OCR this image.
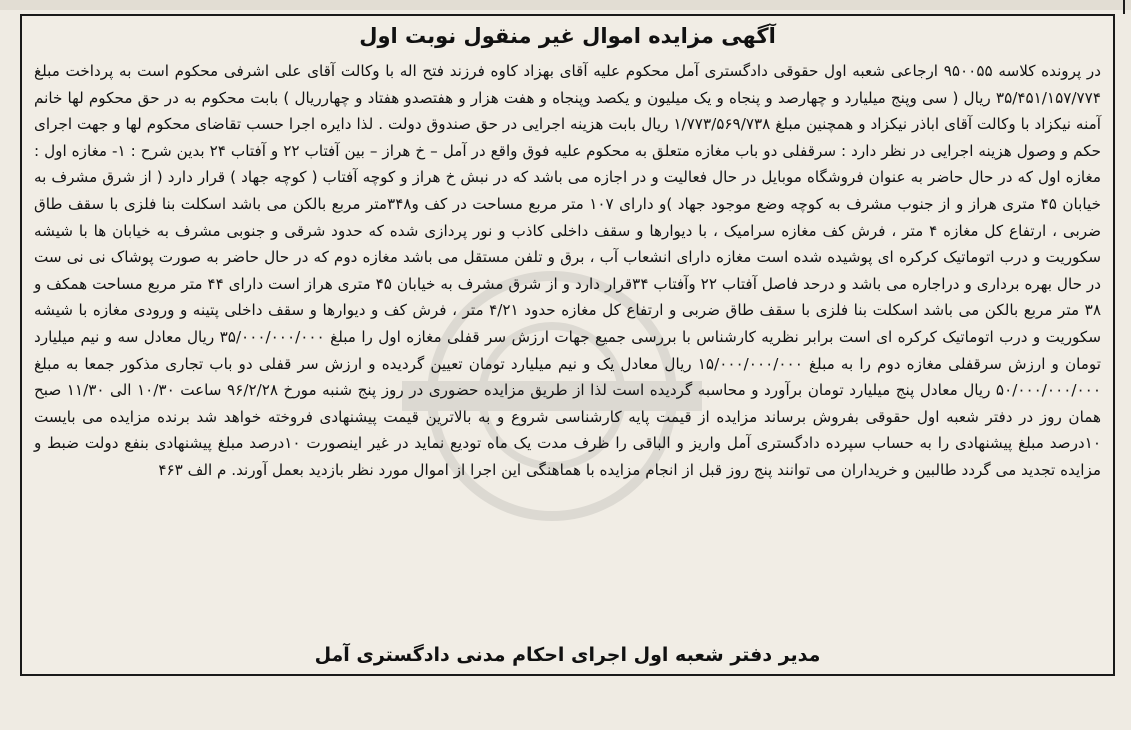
آگهی مزایده اموال غیر منقول نوبت اول
در پرونده کلاسه ۹۵۰۰۵۵ ارجاعی شعبه اول حقوقی دادگستری آمل محکوم علیه آقای بهزاد کاوه فرزند فتح اله با وکالت آقای علی اشرفی محکوم است به پرداخت مبلغ ۳۵/۴۵۱/۱۵۷/۷۷۴ ریال ( سی وپنج میلیارد و چهارصد و پنجاه و یک میلیون و یکصد وپنجاه و هفت هزار و هفتصدو هفتاد و چهارریال ) بابت محکوم به در حق محکوم لها خانم آمنه نیکزاد با وکالت آقای اباذر نیکزاد و همچنین مبلغ ۱/۷۷۳/۵۶۹/۷۳۸ ریال بابت هزینه اجرایی در حق صندوق دولت . لذا دایره اجرا حسب تقاضای محکوم لها و جهت اجرای حکم و وصول هزینه اجرایی در نظر دارد : سرقفلی دو باب مغازه متعلق به محکوم علیه فوق واقع در آمل – خ هراز – بین آفتاب ۲۲ و آفتاب ۲۴ بدین شرح : ۱- مغازه اول : مغازه اول که در حال حاضر به عنوان فروشگاه موبایل در حال فعالیت و در اجازه می باشد که در نبش خ هراز و کوچه آفتاب ( کوچه جهاد ) قرار دارد ( از شرق مشرف به خیابان ۴۵ متری هراز و از جنوب مشرف به کوچه وضع موجود جهاد )و دارای ۱۰۷ متر مربع مساحت در کف و۳۴۸متر مربع بالکن می باشد اسکلت بنا فلزی با سقف طاق ضربی ، ارتفاع کل مغازه ۴ متر ، فرش کف مغازه سرامیک ، با دیوارها و سقف داخلی کاذب و نور پردازی شده که حدود شرقی و جنوبی مشرف به خیابان ها با شیشه سکوریت و درب اتوماتیک کرکره ای پوشیده شده است مغازه دارای انشعاب آب ، برق و تلفن مستقل می باشد مغازه دوم که در حال حاضر به صورت پوشاک نی نی ست در حال بهره برداری و دراجاره می باشد و درحد فاصل آفتاب ۲۲ وآفتاب ۳۴قرار دارد و از شرق مشرف به خیابان ۴۵ متری هراز است دارای ۴۴ متر مربع مساحت همکف و ۳۸ متر مربع بالکن می باشد اسکلت بنا فلزی با سقف طاق ضربی و ارتفاع کل مغازه حدود ۴/۲۱ متر ، فرش کف و دیوارها و سقف داخلی پتینه و ورودی مغازه با شیشه سکوریت و درب اتوماتیک کرکره ای است برابر نظریه کارشناس با بررسی جمیع جهات ارزش سر قفلی مغازه اول را مبلغ ۳۵/۰۰۰/۰۰۰/۰۰۰ ریال معادل سه و نیم میلیارد تومان و ارزش سرقفلی مغازه دوم را به مبلغ ۱۵/۰۰۰/۰۰۰/۰۰۰ ریال معادل یک و نیم میلیارد تومان تعیین گردیده و ارزش سر قفلی دو باب تجاری مذکور جمعا به مبلغ ۵۰/۰۰۰/۰۰۰/۰۰۰ ریال معادل پنج میلیارد تومان برآورد و محاسبه گردیده است لذا از طریق مزایده حضوری در روز پنج شنبه مورخ ۹۶/۲/۲۸ ساعت ۱۰/۳۰ الی ۱۱/۳۰ صبح همان روز در دفتر شعبه اول حقوقی بفروش برساند مزایده از قیمت پایه کارشناسی شروع و به بالاترین قیمت پیشنهادی فروخته خواهد شد برنده مزایده می بایست ۱۰درصد مبلغ پیشنهادی را به حساب سپرده دادگستری آمل واریز و الباقی را ظرف مدت یک ماه تودیع نماید در غیر اینصورت ۱۰درصد مبلغ پیشنهادی بنفع دولت ضبط و مزایده تجدید می گردد طالبین و خریداران می توانند پنج روز قبل از انجام مزایده با هماهنگی این اجرا از اموال مورد نظر بازدید بعمل آورند. م الف ۴۶۳
مدیر دفتر شعبه اول اجرای احکام مدنی دادگستری آمل
